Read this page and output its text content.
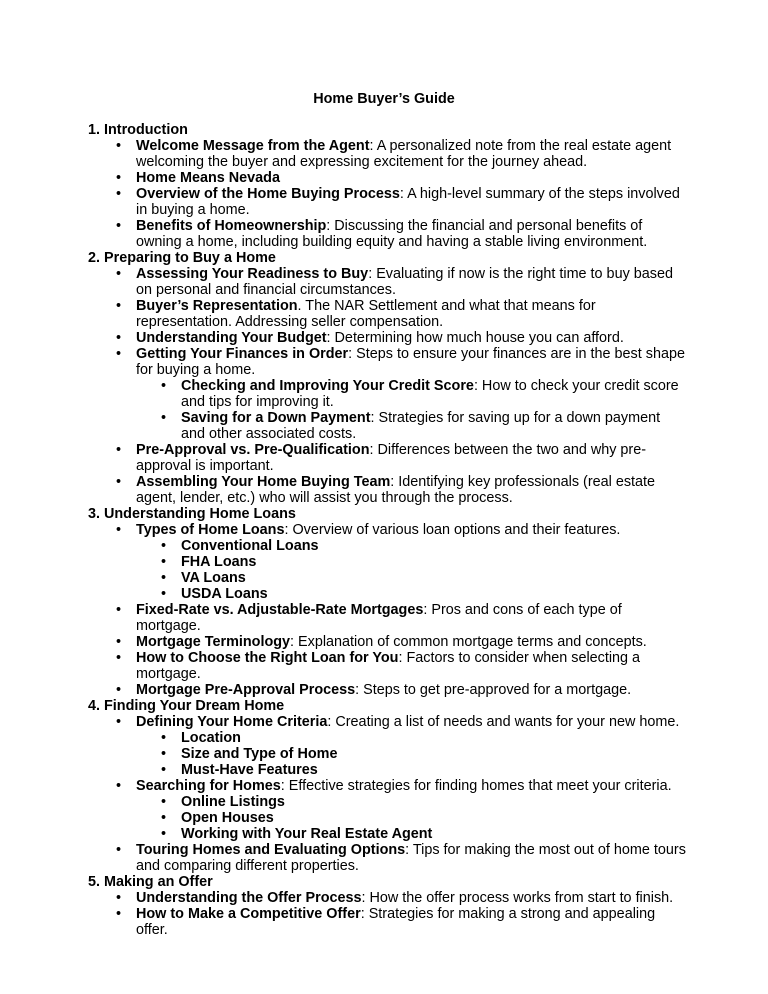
Home Buyer’s Guide
1. Introduction
• Welcome Message from the Agent: A personalized note from the real estate agent welcoming the buyer and expressing excitement for the journey ahead.
• Home Means Nevada
• Overview of the Home Buying Process: A high-level summary of the steps involved in buying a home.
• Benefits of Homeownership: Discussing the financial and personal benefits of owning a home, including building equity and having a stable living environment.
2. Preparing to Buy a Home
• Assessing Your Readiness to Buy: Evaluating if now is the right time to buy based on personal and financial circumstances.
• Buyer’s Representation. The NAR Settlement and what that means for representation. Addressing seller compensation.
• Understanding Your Budget: Determining how much house you can afford.
• Getting Your Finances in Order: Steps to ensure your finances are in the best shape for buying a home.
• Checking and Improving Your Credit Score: How to check your credit score and tips for improving it.
• Saving for a Down Payment: Strategies for saving up for a down payment and other associated costs.
• Pre-Approval vs. Pre-Qualification: Differences between the two and why pre-approval is important.
• Assembling Your Home Buying Team: Identifying key professionals (real estate agent, lender, etc.) who will assist you through the process.
3. Understanding Home Loans
• Types of Home Loans: Overview of various loan options and their features.
• Conventional Loans
• FHA Loans
• VA Loans
• USDA Loans
• Fixed-Rate vs. Adjustable-Rate Mortgages: Pros and cons of each type of mortgage.
• Mortgage Terminology: Explanation of common mortgage terms and concepts.
• How to Choose the Right Loan for You: Factors to consider when selecting a mortgage.
• Mortgage Pre-Approval Process: Steps to get pre-approved for a mortgage.
4. Finding Your Dream Home
• Defining Your Home Criteria: Creating a list of needs and wants for your new home.
• Location
• Size and Type of Home
• Must-Have Features
• Searching for Homes: Effective strategies for finding homes that meet your criteria.
• Online Listings
• Open Houses
• Working with Your Real Estate Agent
• Touring Homes and Evaluating Options: Tips for making the most out of home tours and comparing different properties.
5. Making an Offer
• Understanding the Offer Process: How the offer process works from start to finish.
• How to Make a Competitive Offer: Strategies for making a strong and appealing offer.
